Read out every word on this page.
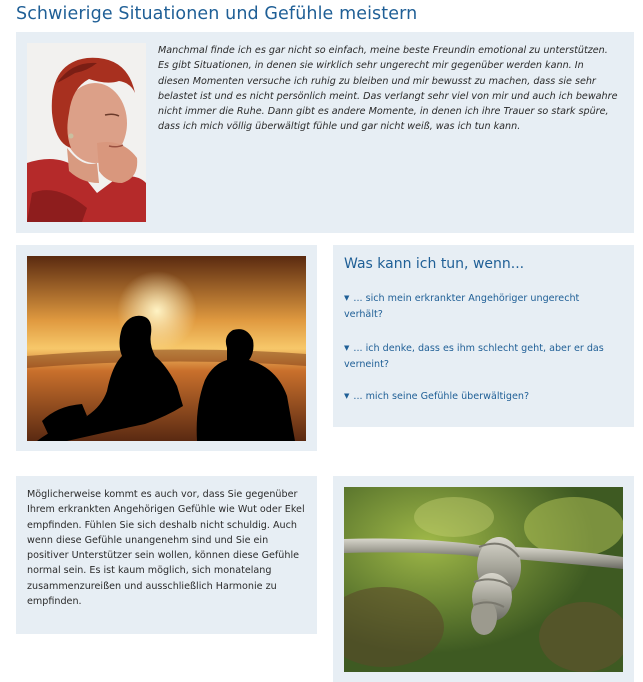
Schwierige Situationen und Gefühle meistern
Manchmal finde ich es gar nicht so einfach, meine beste Freundin emotional zu unterstützen. Es gibt Situationen, in denen sie wirklich sehr ungerecht mir gegenüber werden kann. In diesen Momenten versuche ich ruhig zu bleiben und mir bewusst zu machen, dass sie sehr belastet ist und es nicht persönlich meint. Das verlangt sehr viel von mir und auch ich bewahre nicht immer die Ruhe. Dann gibt es andere Momente, in denen ich ihre Trauer so stark spüre, dass ich mich völlig überwältigt fühle und gar nicht weiß, was ich tun kann.
Was kann ich tun, wenn...
▼ ... sich mein erkrankter Angehöriger ungerecht verhält?
▼ ... ich denke, dass es ihm schlecht geht, aber er das verneint?
▼ ... mich seine Gefühle überwältigen?
Möglicherweise kommt es auch vor, dass Sie gegenüber Ihrem erkrankten Angehörigen Gefühle wie Wut oder Ekel empfinden. Fühlen Sie sich deshalb nicht schuldig. Auch wenn diese Gefühle unangenehm sind und Sie ein positiver Unterstützer sein wollen, können diese Gefühle normal sein. Es ist kaum möglich, sich monatelang zusammenzureißen und ausschließlich Harmonie zu empfinden.
